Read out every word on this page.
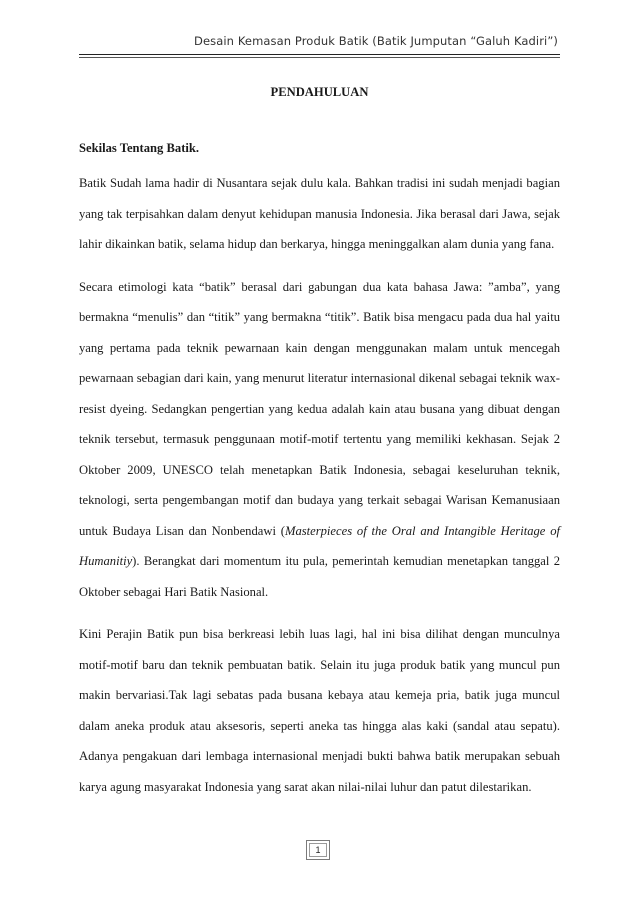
Desain Kemasan Produk Batik (Batik Jumputan “Galuh Kadiri”)
PENDAHULUAN

Sekilas Tentang Batik.

Batik Sudah lama hadir di Nusantara sejak dulu kala. Bahkan tradisi ini sudah menjadi bagian yang tak terpisahkan dalam denyut kehidupan manusia Indonesia. Jika berasal dari Jawa, sejak lahir dikainkan batik, selama hidup dan berkarya, hingga meninggalkan alam dunia yang fana.

Secara etimologi kata “batik” berasal dari gabungan dua kata bahasa Jawa: ”amba”, yang bermakna “menulis” dan “titik” yang bermakna “titik”. Batik bisa mengacu pada dua hal yaitu yang pertama pada teknik pewarnaan kain dengan menggunakan malam untuk mencegah pewarnaan sebagian dari kain, yang menurut literatur internasional dikenal sebagai teknik wax-resist dyeing. Sedangkan pengertian yang kedua adalah kain atau busana yang dibuat dengan teknik tersebut, termasuk penggunaan motif-motif tertentu yang memiliki kekhasan. Sejak 2 Oktober 2009, UNESCO telah menetapkan Batik Indonesia, sebagai keseluruhan teknik, teknologi, serta pengembangan motif dan budaya yang terkait sebagai Warisan Kemanusiaan untuk Budaya Lisan dan Nonbendawi (Masterpieces of the Oral and Intangible Heritage of Humanitiy). Berangkat dari momentum itu pula, pemerintah kemudian menetapkan tanggal 2 Oktober sebagai Hari Batik Nasional.

Kini Perajin Batik pun bisa berkreasi lebih luas lagi, hal ini bisa dilihat dengan munculnya motif-motif baru dan teknik pembuatan batik. Selain itu juga produk batik yang muncul pun makin bervariasi.Tak lagi sebatas pada busana kebaya atau kemeja pria, batik juga muncul dalam aneka produk atau aksesoris, seperti aneka tas hingga alas kaki (sandal atau sepatu). Adanya pengakuan dari lembaga internasional menjadi bukti bahwa batik merupakan sebuah karya agung masyarakat Indonesia yang sarat akan nilai-nilai luhur dan patut dilestarikan.

1
